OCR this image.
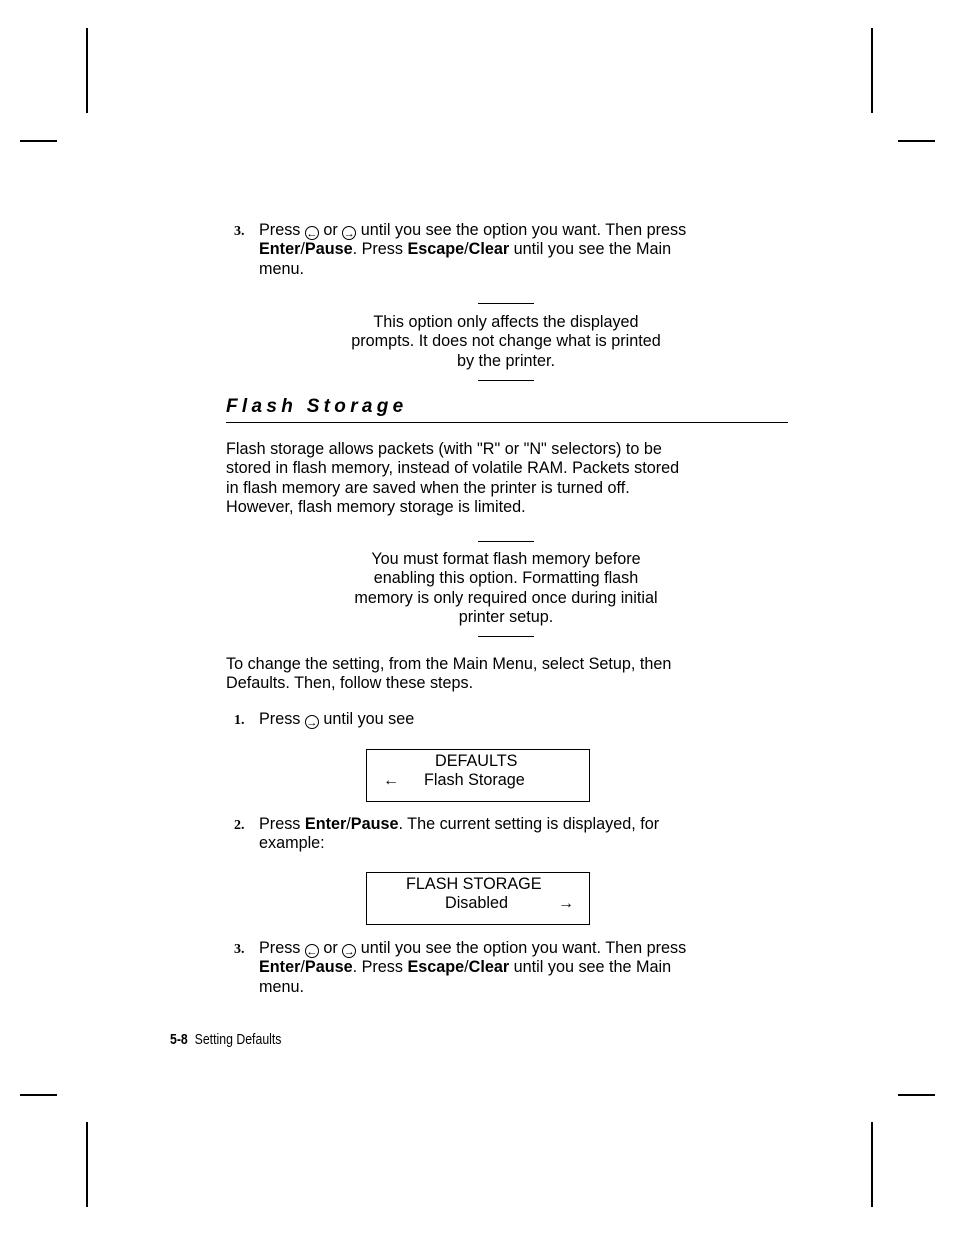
3. Press ← or → until you see the option you want. Then press
Enter/Pause. Press Escape/Clear until you see the Main
menu.
This option only affects the displayed
prompts. It does not change what is printed
by the printer.
Flash Storage
Flash storage allows packets (with "R" or "N" selectors) to be
stored in flash memory, instead of volatile RAM. Packets stored
in flash memory are saved when the printer is turned off.
However, flash memory storage is limited.
You must format flash memory before
enabling this option. Formatting flash
memory is only required once during initial
printer setup.
To change the setting, from the Main Menu, select Setup, then
Defaults. Then, follow these steps.
1. Press → until you see
DEFAULTS
← Flash Storage
2. Press Enter/Pause. The current setting is displayed, for
example:
FLASH STORAGE
Disabled	→
3. Press ← or → until you see the option you want. Then press
Enter/Pause. Press Escape/Clear until you see the Main
menu.
5-8 Setting Defaults
